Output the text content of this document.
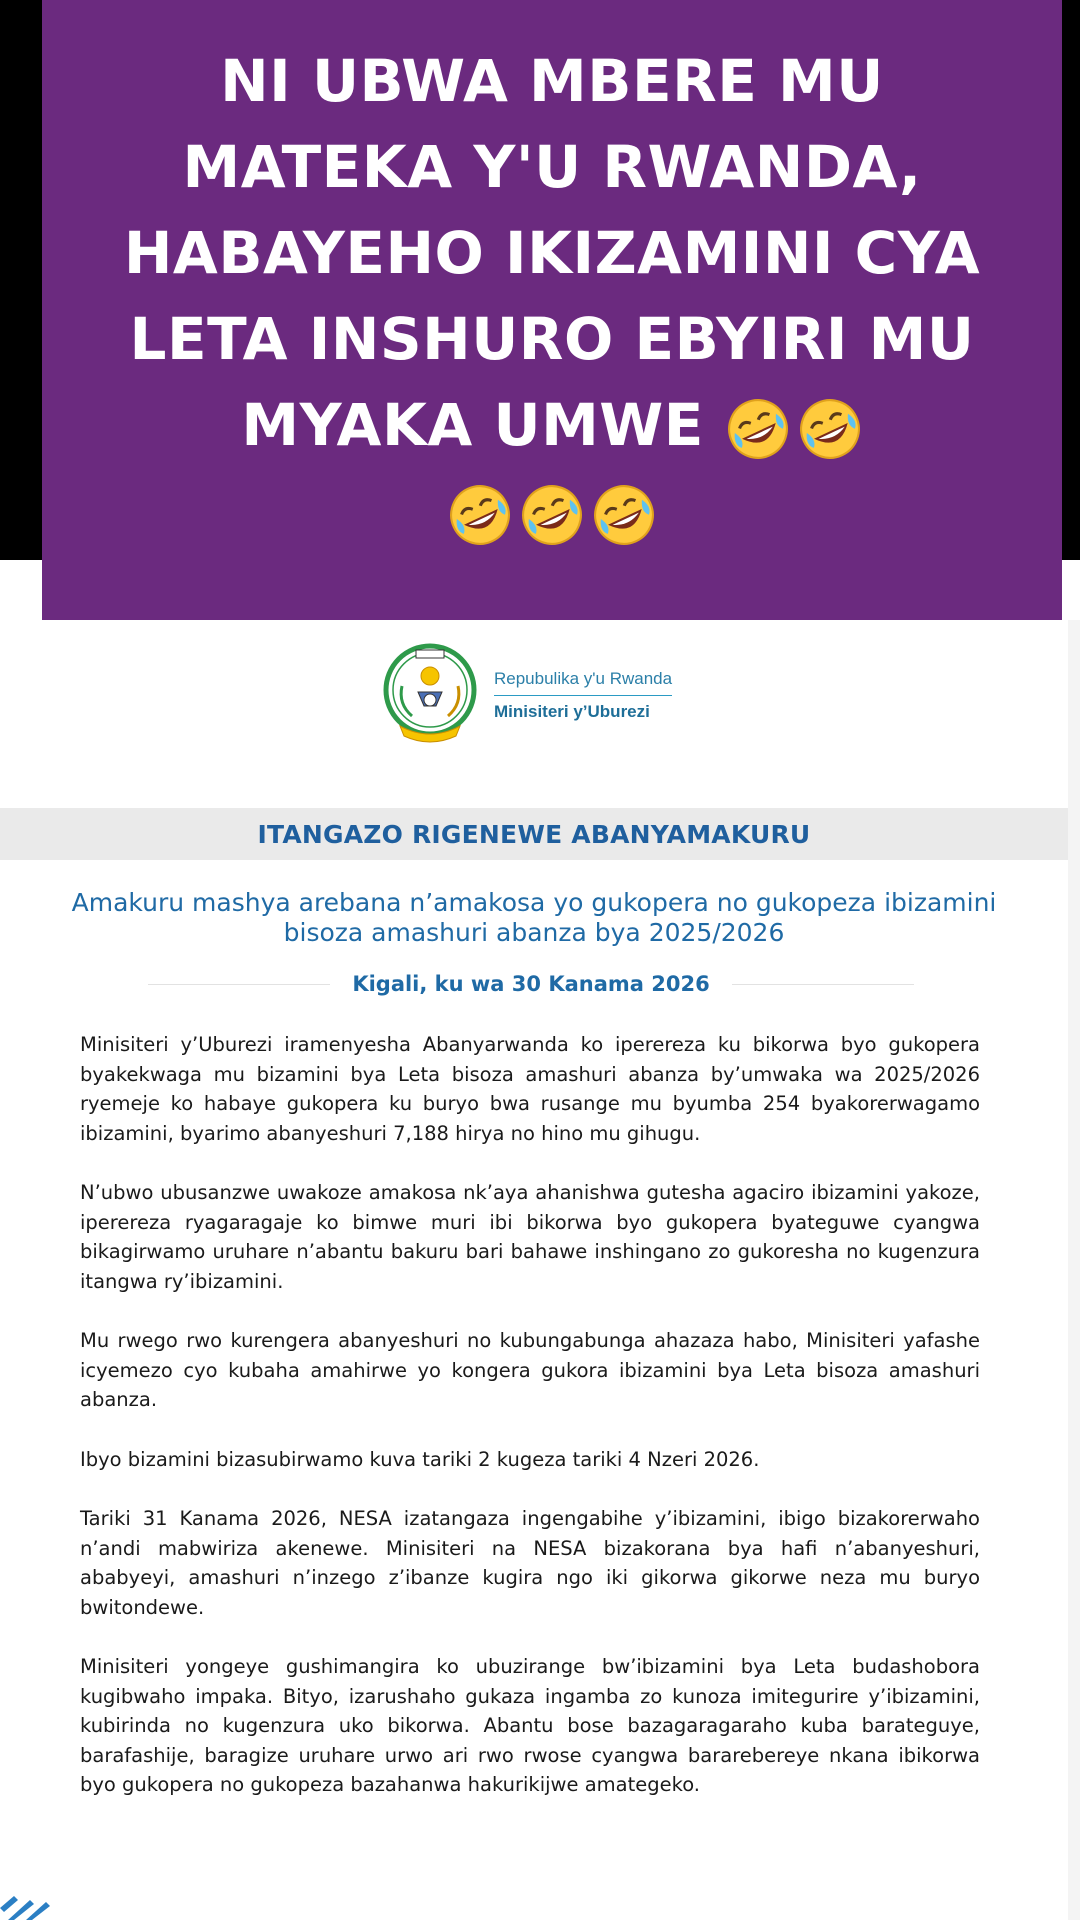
NI UBWA MBERE MU MATEKA Y'U RWANDA, HABAYEHO IKIZAMINI CYA LETA INSHURO EBYIRI MU MYAKA UMWE

Repubulika y'u Rwanda
Minisiteri y’Uburezi
ITANGAZO RIGENEWE ABANYAMAKURU
Amakuru mashya arebana n’amakosa yo gukopera no gukopeza ibizamini bisoza amashuri abanza bya 2025/2026
Kigali, ku wa 30 Kanama 2026

Minisiteri y’Uburezi iramenyesha Abanyarwanda ko iperereza ku bikorwa byo gukopera byakekwaga mu bizamini bya Leta bisoza amashuri abanza by’umwaka wa 2025/2026 ryemeje ko habaye gukopera ku buryo bwa rusange mu byumba 254 byakorerwagamo ibizamini, byarimo abanyeshuri 7,188 hirya no hino mu gihugu.

N’ubwo ubusanzwe uwakoze amakosa nk’aya ahanishwa gutesha agaciro ibizamini yakoze, iperereza ryagaragaje ko bimwe muri ibi bikorwa byo gukopera byateguwe cyangwa bikagirwamo uruhare n’abantu bakuru bari bahawe inshingano zo gukoresha no kugenzura itangwa ry’ibizamini.

Mu rwego rwo kurengera abanyeshuri no kubungabunga ahazaza habo, Minisiteri yafashe icyemezo cyo kubaha amahirwe yo kongera gukora ibizamini bya Leta bisoza amashuri abanza.

Ibyo bizamini bizasubirwamo kuva tariki 2 kugeza tariki 4 Nzeri 2026.

Tariki 31 Kanama 2026, NESA izatangaza ingengabihe y’ibizamini, ibigo bizakorerwaho n’andi mabwiriza akenewe. Minisiteri na NESA bizakorana bya hafi n’abanyeshuri, ababyeyi, amashuri n’inzego z’ibanze kugira ngo iki gikorwa gikorwe neza mu buryo bwitondewe.

Minisiteri yongeye gushimangira ko ubuzirange bw’ibizamini bya Leta budashobora kugibwaho impaka. Bityo, izarushaho gukaza ingamba zo kunoza imitegurire y’ibizamini, kubirinda no kugenzura uko bikorwa. Abantu bose bazagaragaraho kuba barateguye, barafashije, baragize uruhare urwo ari rwo rwose cyangwa bararebereye nkana ibikorwa byo gukopera no gukopeza bazahanwa hakurikijwe amategeko.
